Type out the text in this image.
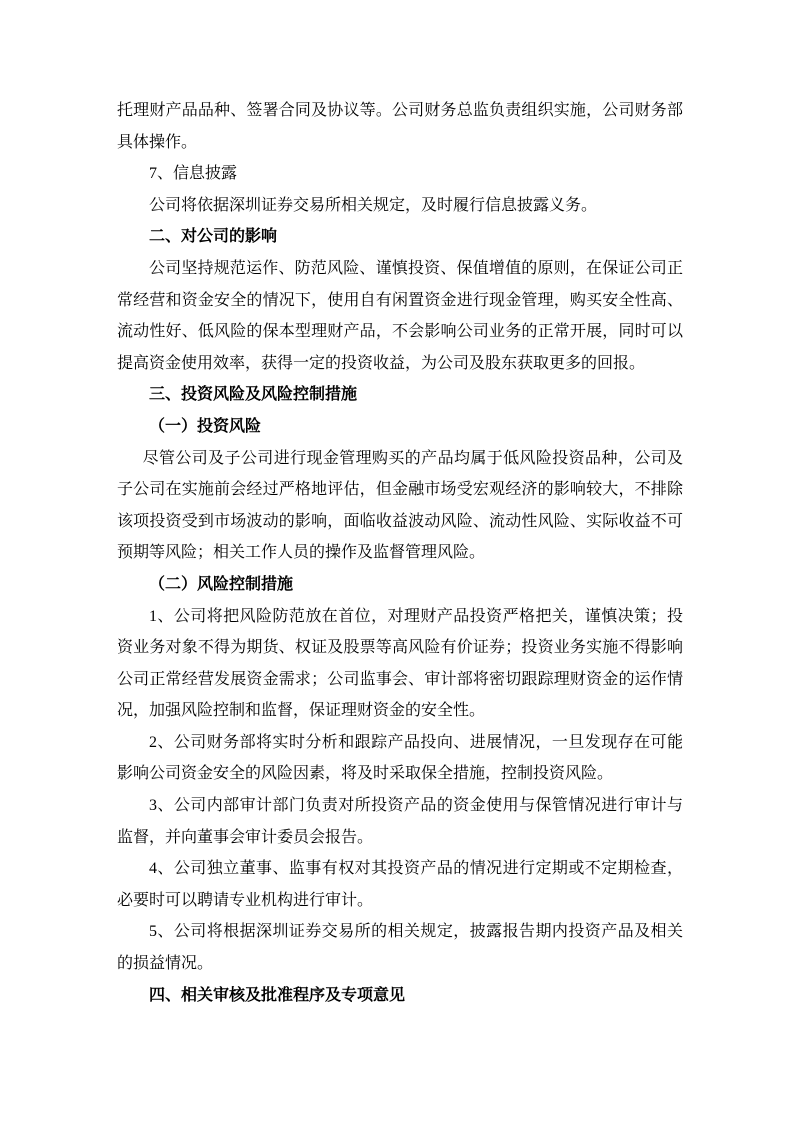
托理财产品品种、签署合同及协议等。公司财务总监负责组织实施，公司财务部具体操作。

7、信息披露

公司将依据深圳证券交易所相关规定，及时履行信息披露义务。

二、对公司的影响

公司坚持规范运作、防范风险、谨慎投资、保值增值的原则，在保证公司正常经营和资金安全的情况下，使用自有闲置资金进行现金管理，购买安全性高、流动性好、低风险的保本型理财产品，不会影响公司业务的正常开展，同时可以提高资金使用效率，获得一定的投资收益，为公司及股东获取更多的回报。

三、投资风险及风险控制措施

（一）投资风险

尽管公司及子公司进行现金管理购买的产品均属于低风险投资品种，公司及子公司在实施前会经过严格地评估，但金融市场受宏观经济的影响较大，不排除该项投资受到市场波动的影响，面临收益波动风险、流动性风险、实际收益不可预期等风险；相关工作人员的操作及监督管理风险。

（二）风险控制措施

1、公司将把风险防范放在首位，对理财产品投资严格把关，谨慎决策；投资业务对象不得为期货、权证及股票等高风险有价证券；投资业务实施不得影响公司正常经营发展资金需求；公司监事会、审计部将密切跟踪理财资金的运作情况，加强风险控制和监督，保证理财资金的安全性。

2、公司财务部将实时分析和跟踪产品投向、进展情况，一旦发现存在可能影响公司资金安全的风险因素，将及时采取保全措施，控制投资风险。

3、公司内部审计部门负责对所投资产品的资金使用与保管情况进行审计与监督，并向董事会审计委员会报告。

4、公司独立董事、监事有权对其投资产品的情况进行定期或不定期检查，必要时可以聘请专业机构进行审计。

5、公司将根据深圳证券交易所的相关规定，披露报告期内投资产品及相关的损益情况。

四、相关审核及批准程序及专项意见
